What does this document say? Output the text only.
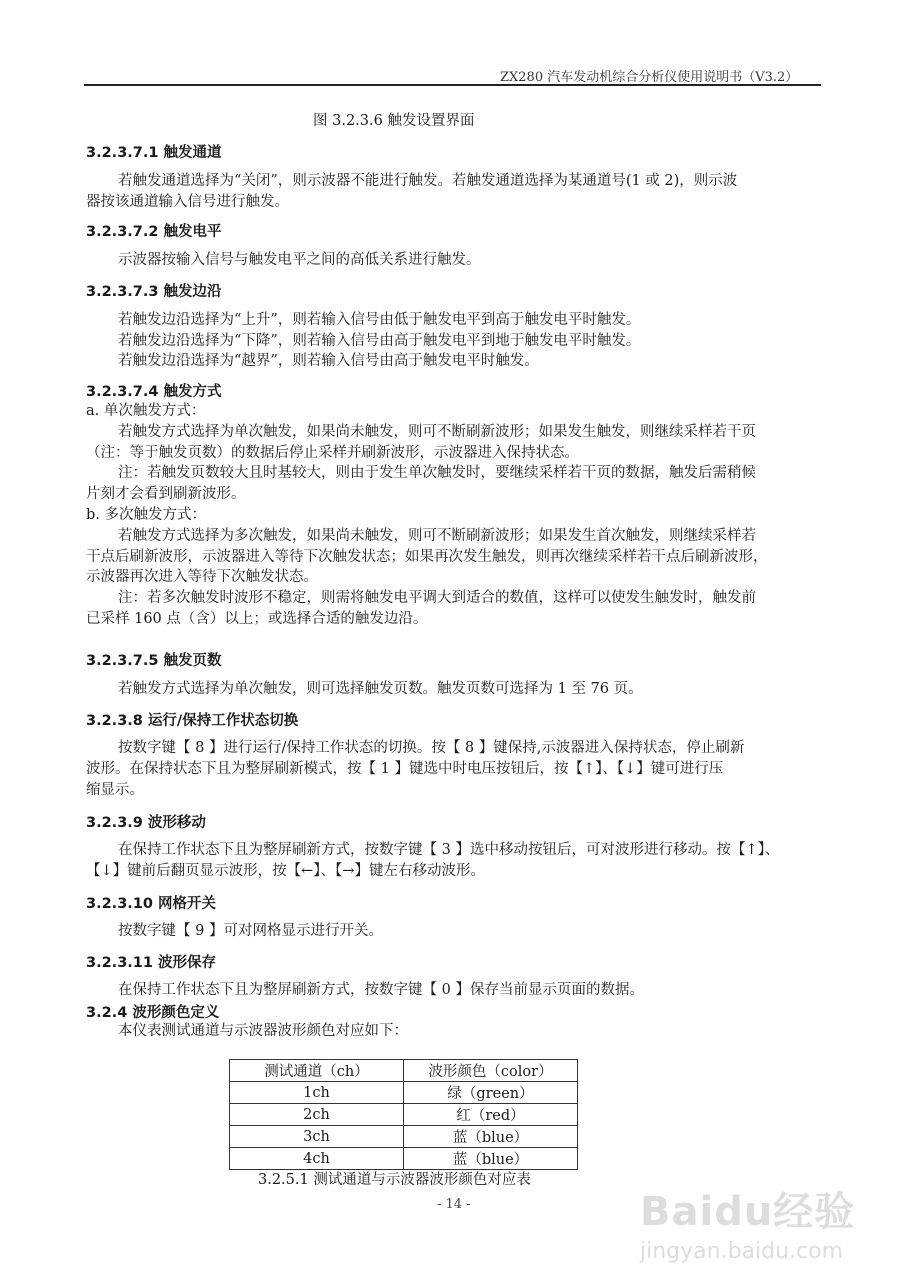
ZX280 汽车发动机综合分析仪使用说明书（V3.2）
图 3.2.3.6 触发设置界面
3.2.3.7.1 触发通道
若触发通道选择为“关闭”，则示波器不能进行触发。若触发通道选择为某通道号(1 或 2)，则示波
器按该通道输入信号进行触发。
3.2.3.7.2 触发电平
示波器按输入信号与触发电平之间的高低关系进行触发。
3.2.3.7.3 触发边沿
若触发边沿选择为“上升”，则若输入信号由低于触发电平到高于触发电平时触发。
若触发边沿选择为“下降”，则若输入信号由高于触发电平到地于触发电平时触发。
若触发边沿选择为“越界”，则若输入信号由高于触发电平时触发。
3.2.3.7.4 触发方式
a. 单次触发方式：
若触发方式选择为单次触发，如果尚未触发，则可不断刷新波形；如果发生触发，则继续采样若干页
（注：等于触发页数）的数据后停止采样并刷新波形，示波器进入保持状态。
注：若触发页数较大且时基较大，则由于发生单次触发时，要继续采样若干页的数据，触发后需稍候
片刻才会看到刷新波形。
b. 多次触发方式：
若触发方式选择为多次触发，如果尚未触发，则可不断刷新波形；如果发生首次触发，则继续采样若
干点后刷新波形，示波器进入等待下次触发状态；如果再次发生触发，则再次继续采样若干点后刷新波形，
示波器再次进入等待下次触发状态。
注：若多次触发时波形不稳定，则需将触发电平调大到适合的数值，这样可以使发生触发时，触发前
已采样 160 点（含）以上；或选择合适的触发边沿。
3.2.3.7.5 触发页数
若触发方式选择为单次触发，则可选择触发页数。触发页数可选择为 1 至 76 页。
3.2.3.8 运行/保持工作状态切换
按数字键【 8 】进行运行/保持工作状态的切换。按【 8 】键保持,示波器进入保持状态，停止刷新
波形。在保持状态下且为整屏刷新模式，按【 1 】键选中时电压按钮后，按【↑】、【↓】键可进行压
缩显示。
3.2.3.9 波形移动
在保持工作状态下且为整屏刷新方式，按数字键【 3 】选中移动按钮后，可对波形进行移动。按【↑】、
【↓】键前后翻页显示波形，按【←】、【→】键左右移动波形。
3.2.3.10 网格开关
按数字键【 9 】可对网格显示进行开关。
3.2.3.11 波形保存
在保持工作状态下且为整屏刷新方式，按数字键【 0 】保存当前显示页面的数据。
3.2.4 波形颜色定义
本仪表测试通道与示波器波形颜色对应如下：
测试通道（ch）	波形颜色（color）
1ch	绿（green）
2ch	红（red）
3ch	蓝（blue）
4ch	蓝（blue）
3.2.5.1 测试通道与示波器波形颜色对应表
- 14 -	Baidu经验
jingyan.baidu.com
